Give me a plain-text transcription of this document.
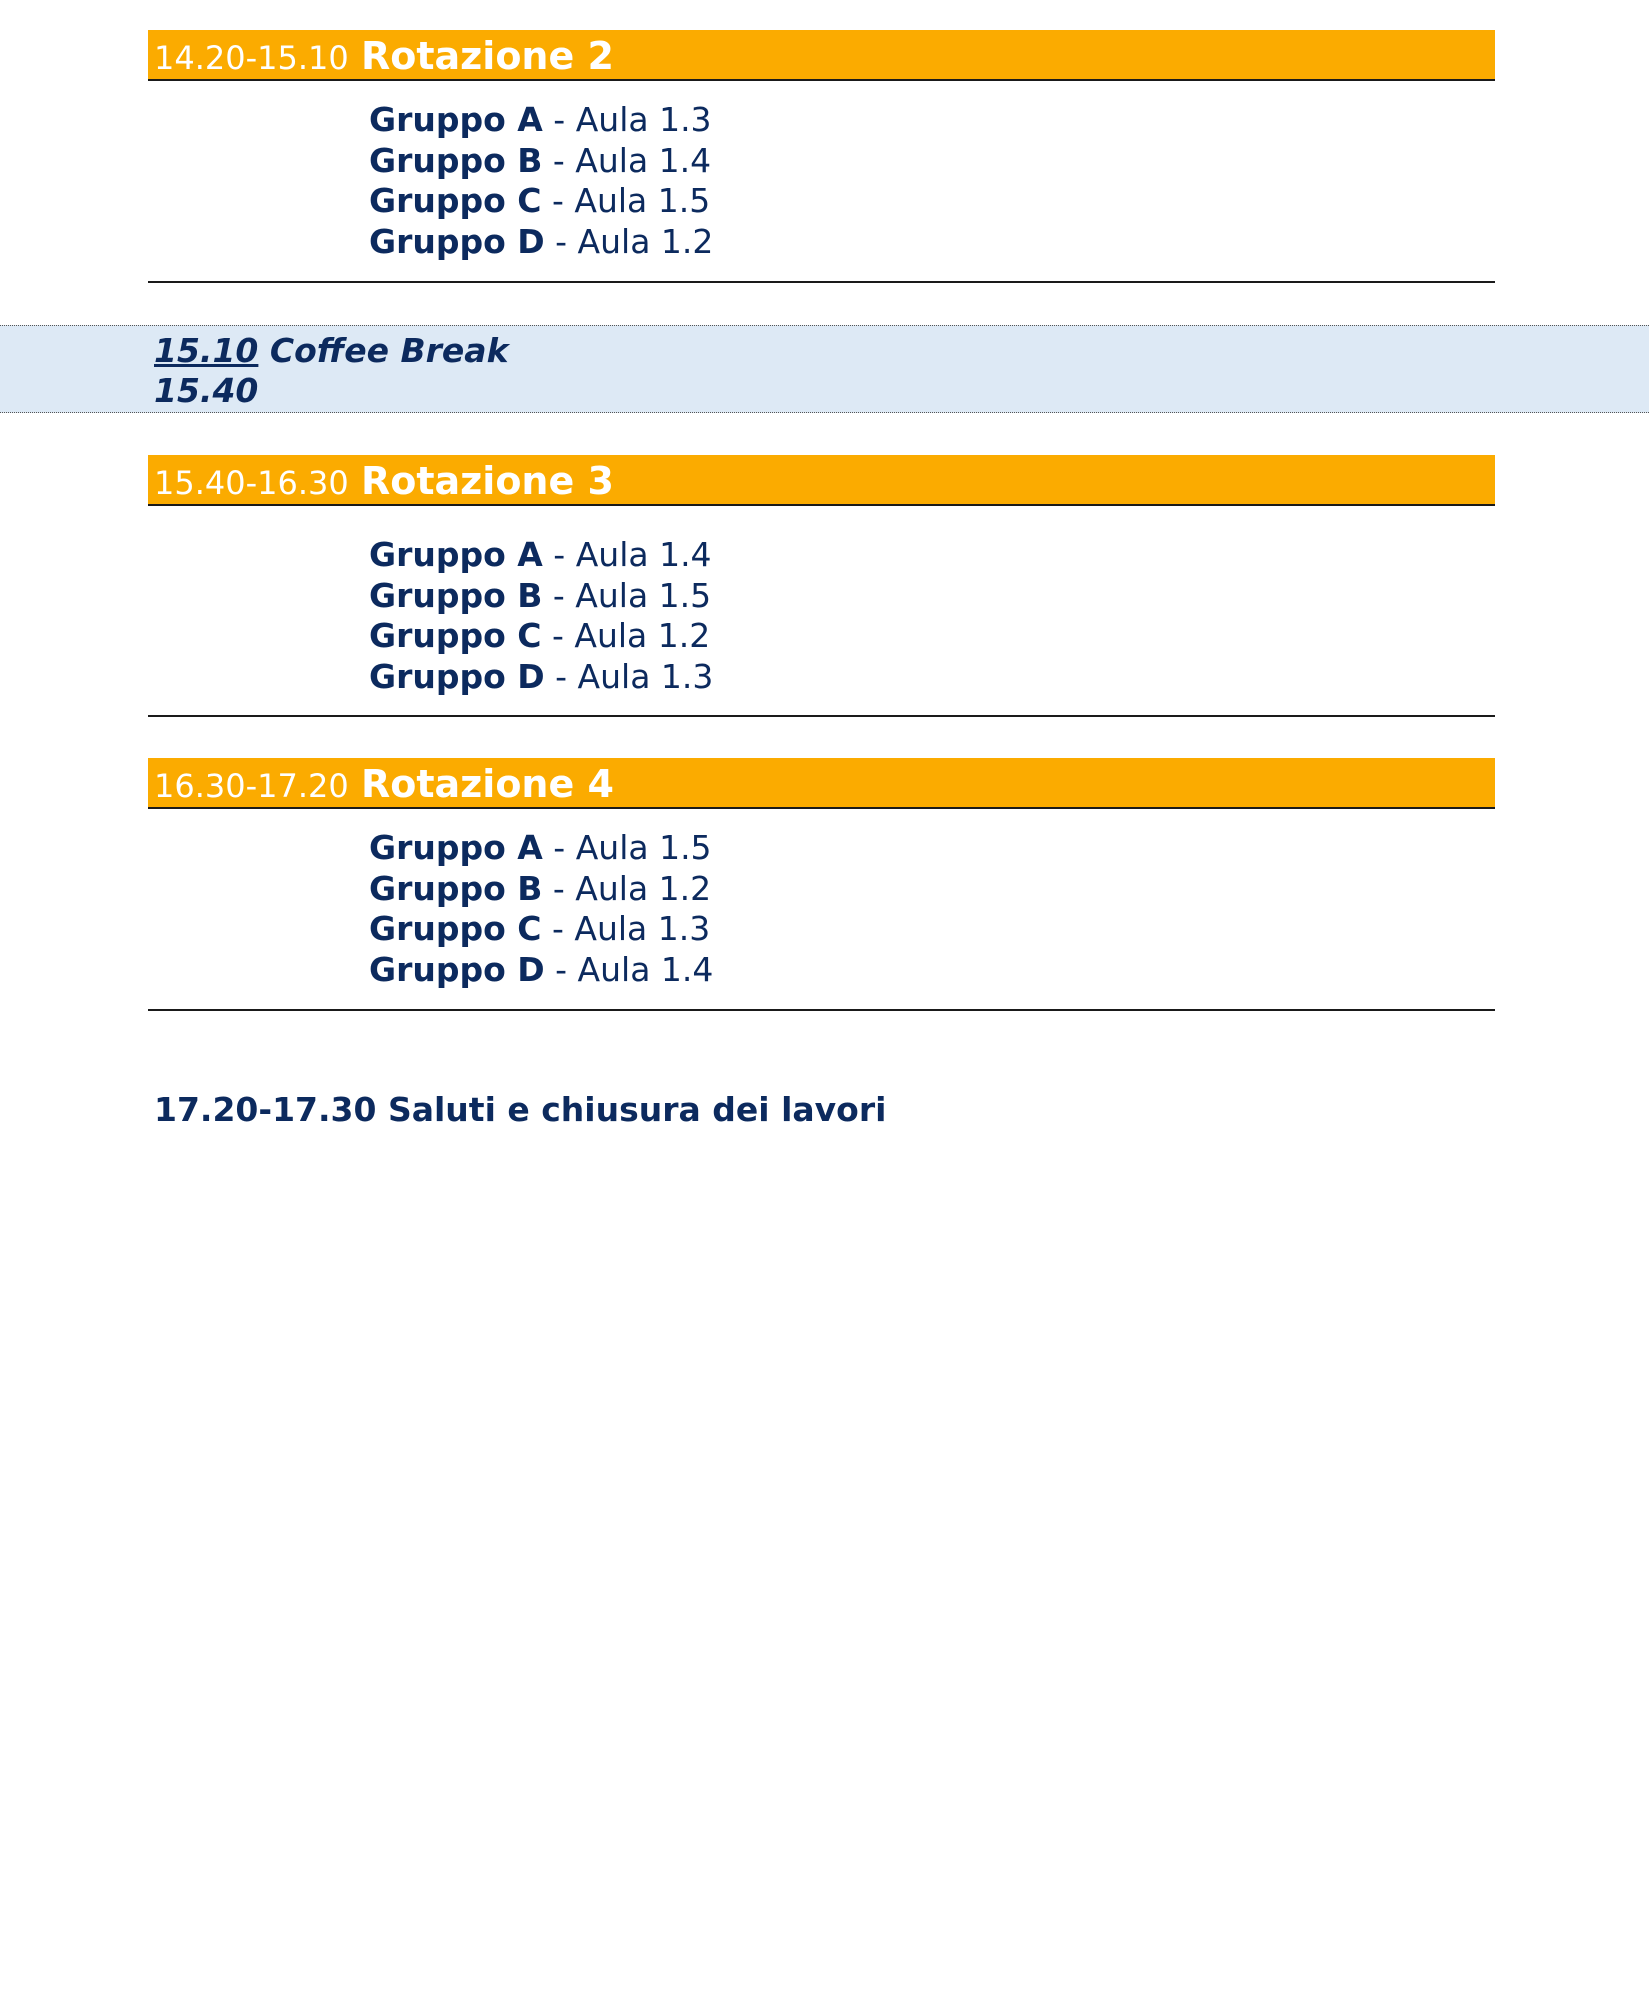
14.20-15.10 Rotazione 2
Gruppo A - Aula 1.3
Gruppo B - Aula 1.4
Gruppo C - Aula 1.5
Gruppo D - Aula 1.2
15.10 Coffee Break
15.40
15.40-16.30 Rotazione 3
Gruppo A - Aula 1.4
Gruppo B - Aula 1.5
Gruppo C - Aula 1.2
Gruppo D - Aula 1.3
16.30-17.20 Rotazione 4
Gruppo A - Aula 1.5
Gruppo B - Aula 1.2
Gruppo C - Aula 1.3
Gruppo D - Aula 1.4
17.20-17.30 Saluti e chiusura dei lavori
